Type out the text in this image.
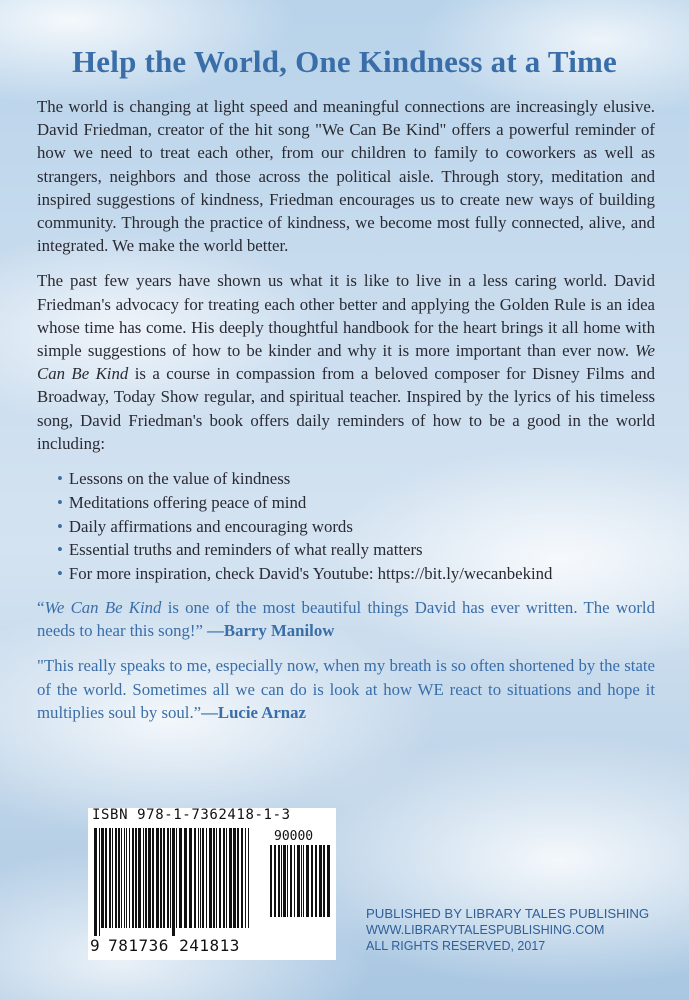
Help the World, One Kindness at a Time

The world is changing at light speed and meaningful connections are increasingly elusive. David Friedman, creator of the hit song "We Can Be Kind" offers a powerful reminder of how we need to treat each other, from our children to family to coworkers as well as strangers, neighbors and those across the political aisle. Through story, meditation and inspired suggestions of kindness, Friedman encourages us to create new ways of building community. Through the practice of kindness, we become most fully connected, alive, and integrated. We make the world better.

The past few years have shown us what it is like to live in a less caring world. David Friedman's advocacy for treating each other better and applying the Golden Rule is an idea whose time has come. His deeply thoughtful handbook for the heart brings it all home with simple suggestions of how to be kinder and why it is more important than ever now. We Can Be Kind is a course in compassion from a beloved composer for Disney Films and Broadway, Today Show regular, and spiritual teacher. Inspired by the lyrics of his timeless song, David Friedman's book offers daily reminders of how to be a good in the world including:

• Lessons on the value of kindness
• Meditations offering peace of mind
• Daily affirmations and encouraging words
• Essential truths and reminders of what really matters
• For more inspiration, check David's Youtube: https://bit.ly/wecanbekind

“We Can Be Kind is one of the most beautiful things David has ever written. The world needs to hear this song!” —Barry Manilow

"This really speaks to me, especially now, when my breath is so often shortened by the state of the world. Sometimes all we can do is look at how WE react to situations and hope it multiplies soul by soul.”—Lucie Arnaz

ISBN 978-1-7362418-1-3
90000
9 781736 241813
PUBLISHED BY LIBRARY TALES PUBLISHING
WWW.LIBRARYTALESPUBLISHING.COM
ALL RIGHTS RESERVED, 2017
